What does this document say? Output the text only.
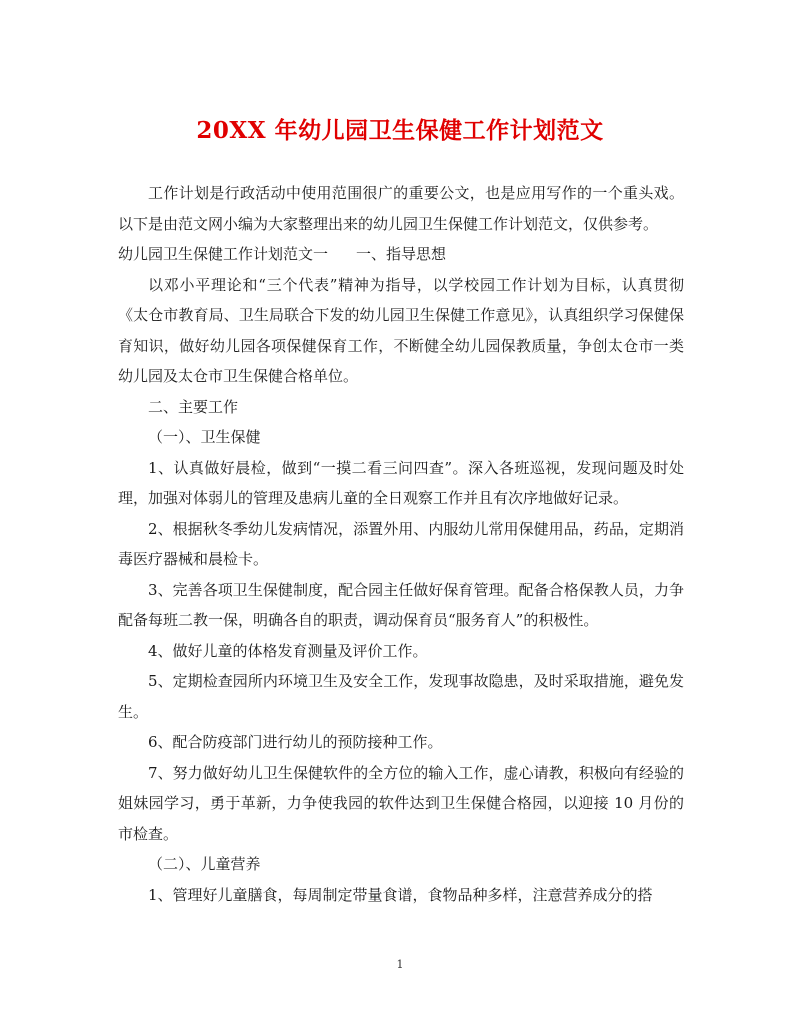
20XX 年幼儿园卫生保健工作计划范文

工作计划是行政活动中使用范围很广的重要公文，也是应用写作的一个重头戏。以下是由范文网小编为大家整理出来的幼儿园卫生保健工作计划范文，仅供参考。

幼儿园卫生保健工作计划范文一 一、指导思想

以邓小平理论和“三个代表”精神为指导，以学校园工作计划为目标，认真贯彻《太仓市教育局、卫生局联合下发的幼儿园卫生保健工作意见》，认真组织学习保健保育知识，做好幼儿园各项保健保育工作，不断健全幼儿园保教质量，争创太仓市一类幼儿园及太仓市卫生保健合格单位。

二、主要工作

（一）、卫生保健

1、认真做好晨检，做到“一摸二看三问四查”。深入各班巡视，发现问题及时处理，加强对体弱儿的管理及患病儿童的全日观察工作并且有次序地做好记录。

2、根据秋冬季幼儿发病情况，添置外用、内服幼儿常用保健用品，药品，定期消毒医疗器械和晨检卡。

3、完善各项卫生保健制度，配合园主任做好保育管理。配备合格保教人员，力争配备每班二教一保，明确各自的职责，调动保育员“服务育人”的积极性。

4、做好儿童的体格发育测量及评价工作。

5、定期检查园所内环境卫生及安全工作，发现事故隐患，及时采取措施，避免发生。

6、配合防疫部门进行幼儿的预防接种工作。

7、努力做好幼儿卫生保健软件的全方位的输入工作，虚心请教，积极向有经验的姐妹园学习，勇于革新，力争使我园的软件达到卫生保健合格园，以迎接 10 月份的市检查。

（二）、儿童营养

1、管理好儿童膳食，每周制定带量食谱，食物品种多样，注意营养成分的搭

1
